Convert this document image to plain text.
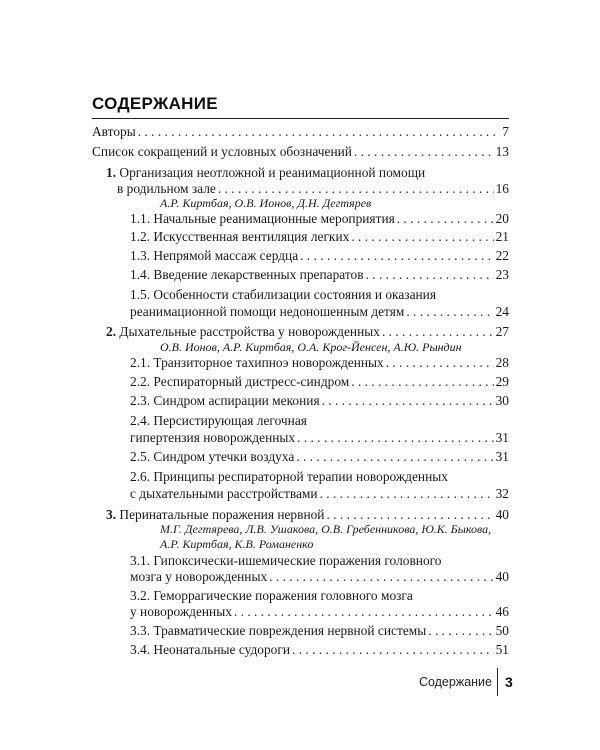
СОДЕРЖАНИЕ
Авторы . . .	7
Список сокращений и условных обозначений . . .	13
1. Организация неотложной и реанимационной помощи
в родильном зале . . .	16
А.Р. Киртбая, О.В. Ионов, Д.Н. Дегтярев
1.1. Начальные реанимационные мероприятия . . .	20
1.2. Искусственная вентиляция легких . . .	21
1.3. Непрямой массаж сердца . . .	22
1.4. Введение лекарственных препаратов . . .	23
1.5. Особенности стабилизации состояния и оказания
реанимационной помощи недоношенным детям . . .	24
2. Дыхательные расстройства у новорожденных . . .	27
О.В. Ионов, А.Р. Киртбая, О.А. Крог-Йенсен, А.Ю. Рындин
2.1. Транзиторное тахипноэ новорожденных . . .	28
2.2. Респираторный дистресс-синдром . . .	29
2.3. Синдром аспирации мекония . . .	30
2.4. Персистирующая легочная
гипертензия новорожденных . . .	31
2.5. Синдром утечки воздуха . . .	31
2.6. Принципы респираторной терапии новорожденных
с дыхательными расстройствами . . .	32
3. Перинатальные поражения нервной . . .	40
М.Г. Дегтярева, Л.В. Ушакова, О.В. Гребенникова, Ю.К. Быкова,
А.Р. Киртбая, К.В. Романенко
3.1. Гипоксически-ишемические поражения головного
мозга у новорожденных . . .	40
3.2. Геморрагические поражения головного мозга
у новорожденных . . .	46
3.3. Травматические повреждения нервной системы . . .	50
3.4. Неонатальные судороги . . .	51
Содержание 3
